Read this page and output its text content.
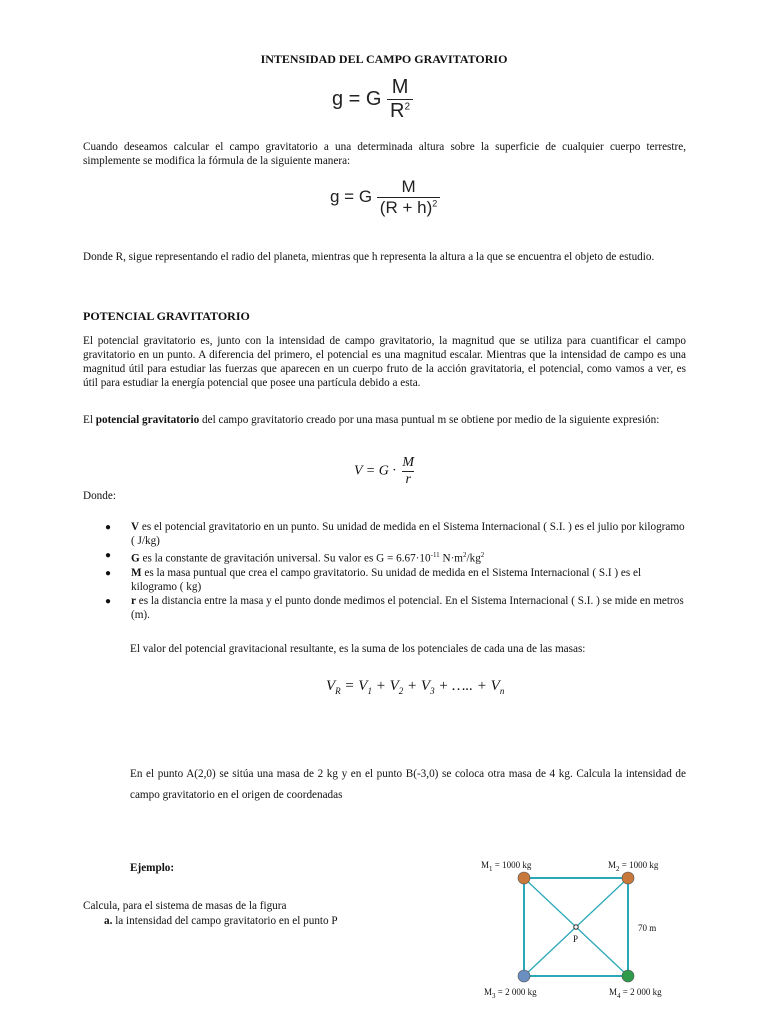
INTENSIDAD DEL CAMPO GRAVITATORIO
g = G $\frac{M}{R^2}$

Cuando deseamos calcular el campo gravitatorio a una determinada altura sobre la superficie de cualquier cuerpo terrestre, simplemente se modifica la fórmula de la siguiente manera:

g = G $\frac{M}{(R + h)^2}$

Donde R, sigue representando el radio del planeta, mientras que h representa la altura a la que se encuentra el objeto de estudio.

POTENCIAL GRAVITATORIO

El potencial gravitatorio es, junto con la intensidad de campo gravitatorio, la magnitud que se utiliza para cuantificar el campo gravitatorio en un punto. A diferencia del primero, el potencial es una magnitud escalar. Mientras que la intensidad de campo es una magnitud útil para estudiar las fuerzas que aparecen en un cuerpo fruto de la acción gravitatoria, el potencial, como vamos a ver, es útil para estudiar la energía potencial que posee una partícula debido a esta.

El potencial gravitatorio del campo gravitatorio creado por una masa puntual m se obtiene por medio de la siguiente expresión:

$V = G \cdot \frac{M}{r}$
Donde:
● V es el potencial gravitatorio en un punto. Su unidad de medida en el Sistema Internacional ( S.I. ) es el julio por kilogramo ( J/kg)
● G es la constante de gravitación universal. Su valor es $G = 6.67\cdot 10^{-11}$ $N\cdot m^2/kg^2$
● M es la masa puntual que crea el campo gravitatorio. Su unidad de medida en el Sistema Internacional ( S.I ) es el kilogramo ( kg)
● r es la distancia entre la masa y el punto donde medimos el potencial. En el Sistema Internacional ( S.I. ) se mide en metros (m).

El valor del potencial gravitacional resultante, es la suma de los potenciales de cada una de las masas:

$V_R = V_1 + V_2 + V_3$ + ….. + $V_n$

En el punto A(2,0) se sitúa una masa de 2 kg y en el punto B(-3,0) se coloca otra masa de 4 kg. Calcula la intensidad de campo gravitatorio en el origen de coordenadas

Ejemplo:
Calcula, para el sistema de masas de la figura
a. la intensidad del campo gravitatorio en el punto P
$M_1 = 1000$ kg	$M_2 = 1000$ kg
P
70 m
$M_3 = 2$ 000 kg	$M_4 = 2$ 000 kg
